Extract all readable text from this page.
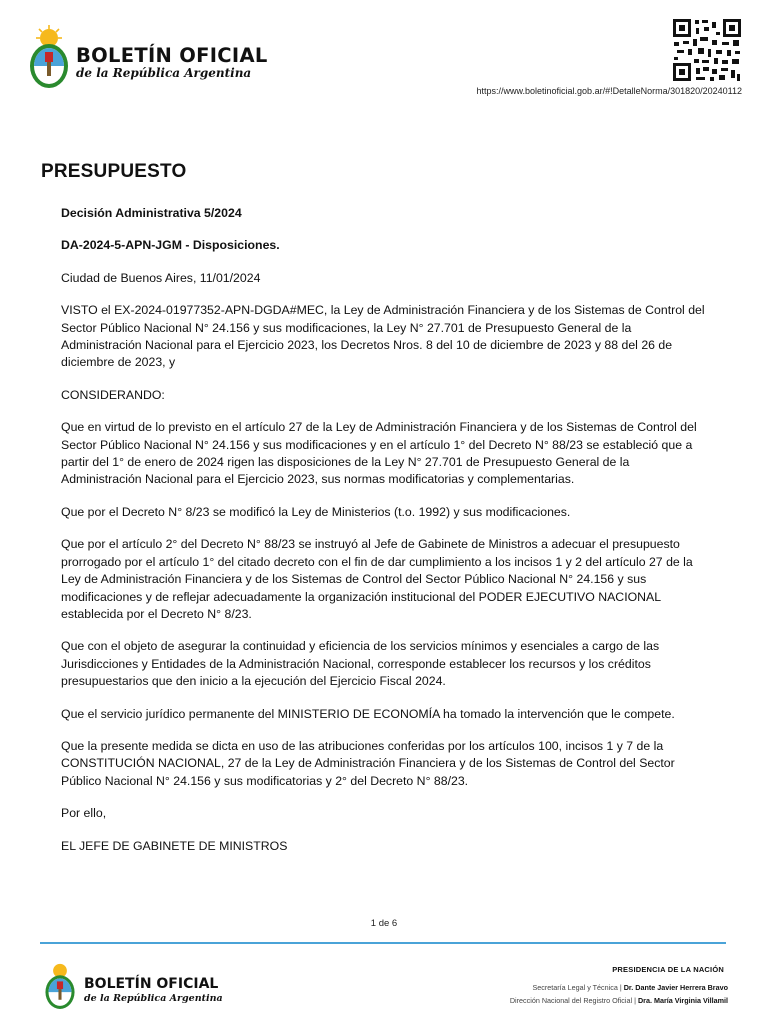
BOLETÍN OFICIAL
de la República Argentina
https://www.boletinoficial.gob.ar/#!DetalleNorma/301820/20240112
PRESUPUESTO

Decisión Administrativa 5/2024

DA-2024-5-APN-JGM - Disposiciones.

Ciudad de Buenos Aires, 11/01/2024

VISTO el EX-2024-01977352-APN-DGDA#MEC, la Ley de Administración Financiera y de los Sistemas de Control del Sector Público Nacional N° 24.156 y sus modificaciones, la Ley N° 27.701 de Presupuesto General de la Administración Nacional para el Ejercicio 2023, los Decretos Nros. 8 del 10 de diciembre de 2023 y 88 del 26 de diciembre de 2023, y

CONSIDERANDO:

Que en virtud de lo previsto en el artículo 27 de la Ley de Administración Financiera y de los Sistemas de Control del Sector Público Nacional N° 24.156 y sus modificaciones y en el artículo 1° del Decreto N° 88/23 se estableció que a partir del 1° de enero de 2024 rigen las disposiciones de la Ley N° 27.701 de Presupuesto General de la Administración Nacional para el Ejercicio 2023, sus normas modificatorias y complementarias.

Que por el Decreto N° 8/23 se modificó la Ley de Ministerios (t.o. 1992) y sus modificaciones.

Que por el artículo 2° del Decreto N° 88/23 se instruyó al Jefe de Gabinete de Ministros a adecuar el presupuesto prorrogado por el artículo 1° del citado decreto con el fin de dar cumplimiento a los incisos 1 y 2 del artículo 27 de la Ley de Administración Financiera y de los Sistemas de Control del Sector Público Nacional N° 24.156 y sus modificaciones y de reflejar adecuadamente la organización institucional del PODER EJECUTIVO NACIONAL establecida por el Decreto N° 8/23.

Que con el objeto de asegurar la continuidad y eficiencia de los servicios mínimos y esenciales a cargo de las Jurisdicciones y Entidades de la Administración Nacional, corresponde establecer los recursos y los créditos presupuestarios que den inicio a la ejecución del Ejercicio Fiscal 2024.

Que el servicio jurídico permanente del MINISTERIO DE ECONOMÍA ha tomado la intervención que le compete.

Que la presente medida se dicta en uso de las atribuciones conferidas por los artículos 100, incisos 1 y 7 de la CONSTITUCIÓN NACIONAL, 27 de la Ley de Administración Financiera y de los Sistemas de Control del Sector Público Nacional N° 24.156 y sus modificatorias y 2° del Decreto N° 88/23.

Por ello,

EL JEFE DE GABINETE DE MINISTROS

1 de 6
BOLETÍN OFICIAL
de la República Argentina
PRESIDENCIA DE LA NACIÓN
Secretaría Legal y Técnica | Dr. Dante Javier Herrera Bravo
Dirección Nacional del Registro Oficial | Dra. María Virginia Villamil
